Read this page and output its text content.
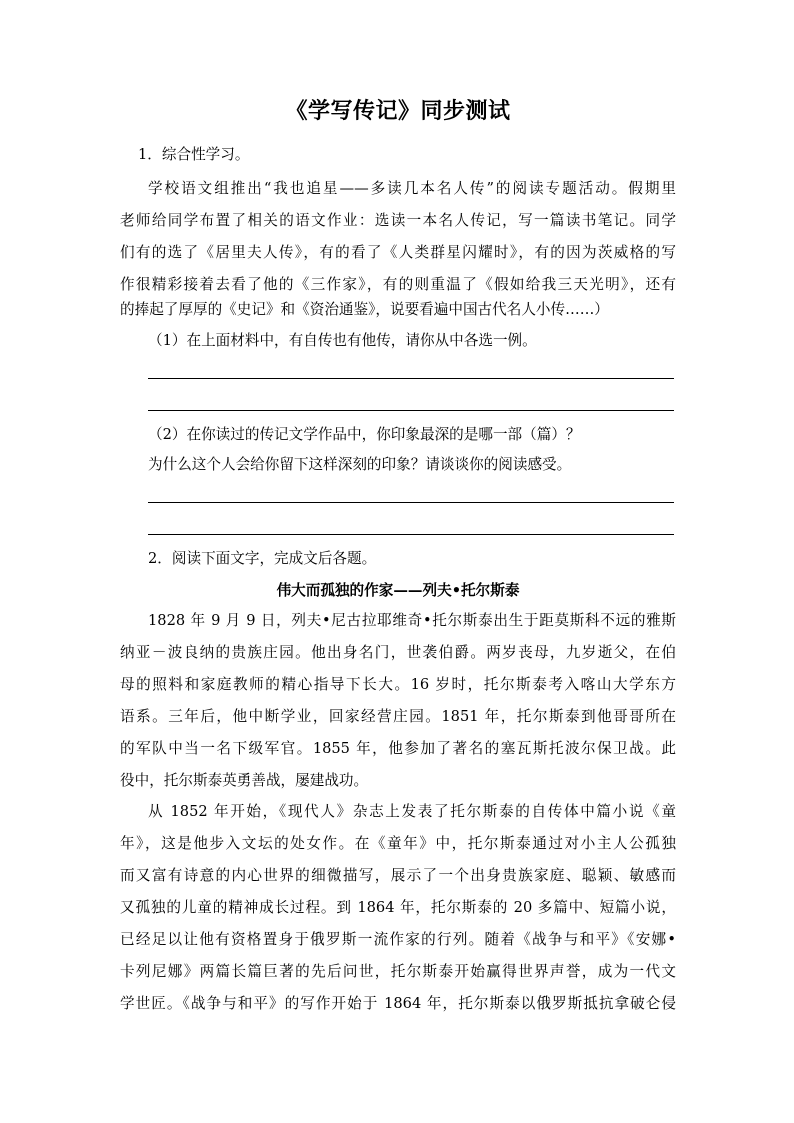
《学写传记》同步测试
1．综合性学习。
学校语文组推出“我也追星——多读几本名人传”的阅读专题活动。假期里
老师给同学布置了相关的语文作业：选读一本名人传记，写一篇读书笔记。同学
们有的选了《居里夫人传》，有的看了《人类群星闪耀时》，有的因为茨威格的写
作很精彩接着去看了他的《三作家》，有的则重温了《假如给我三天光明》，还有
的捧起了厚厚的《史记》和《资治通鉴》，说要看遍中国古代名人小传……）
（1）在上面材料中，有自传也有他传，请你从中各选一例。
（2）在你读过的传记文学作品中，你印象最深的是哪一部（篇）？
为什么这个人会给你留下这样深刻的印象？请谈谈你的阅读感受。
2．阅读下面文字，完成文后各题。
伟大而孤独的作家——列夫•托尔斯泰
1828 年 9 月 9 日，列夫•尼古拉耶维奇•托尔斯泰出生于距莫斯科不远的雅斯
纳亚－波良纳的贵族庄园。他出身名门，世袭伯爵。两岁丧母，九岁逝父，在伯
母的照料和家庭教师的精心指导下长大。16 岁时，托尔斯泰考入喀山大学东方
语系。三年后，他中断学业，回家经营庄园。1851 年，托尔斯泰到他哥哥所在
的军队中当一名下级军官。1855 年，他参加了著名的塞瓦斯托波尔保卫战。此
役中，托尔斯泰英勇善战，屡建战功。
从 1852 年开始，《现代人》杂志上发表了托尔斯泰的自传体中篇小说《童
年》，这是他步入文坛的处女作。在《童年》中，托尔斯泰通过对小主人公孤独
而又富有诗意的内心世界的细微描写，展示了一个出身贵族家庭、聪颖、敏感而
又孤独的儿童的精神成长过程。到 1864 年，托尔斯泰的 20 多篇中、短篇小说，
已经足以让他有资格置身于俄罗斯一流作家的行列。随着《战争与和平》《安娜•
卡列尼娜》两篇长篇巨著的先后问世，托尔斯泰开始赢得世界声誉，成为一代文
学世匠。《战争与和平》的写作开始于 1864 年，托尔斯泰以俄罗斯抵抗拿破仑侵
